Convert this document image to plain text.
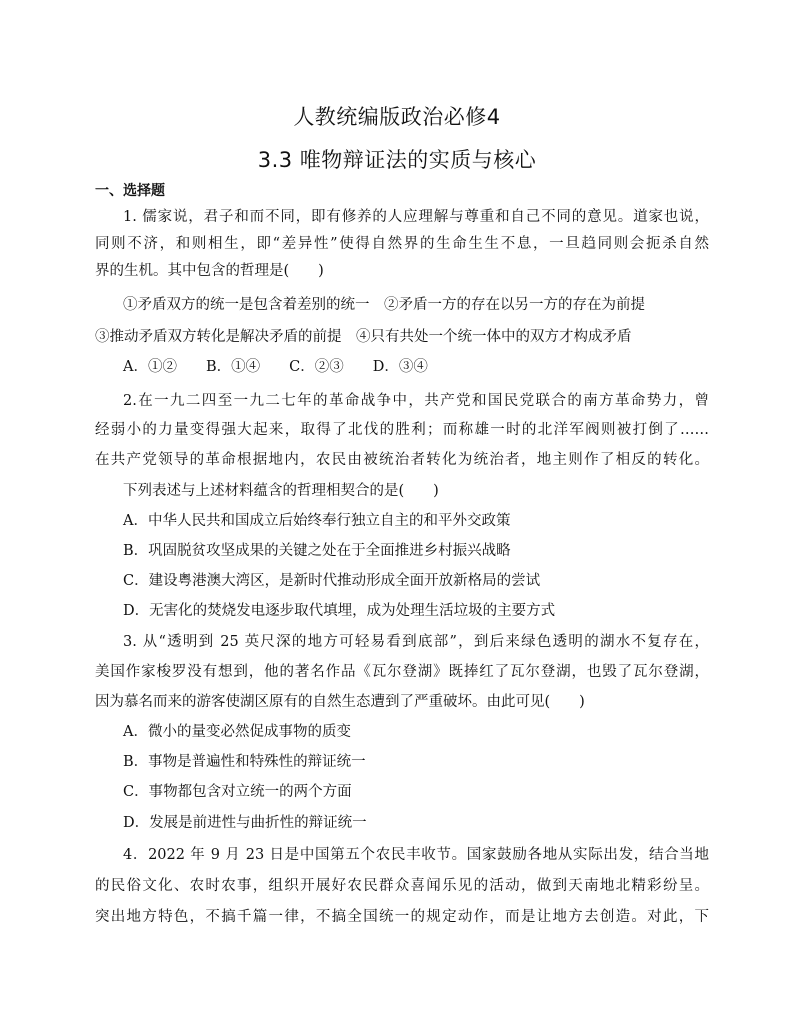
人教统编版政治必修4
3.3 唯物辩证法的实质与核心
一、选择题
1. 儒家说，君子和而不同，即有修养的人应理解与尊重和自己不同的意见。道家也说，
同则不济，和则相生，即“差异性”使得自然界的生命生生不息，一旦趋同则会扼杀自然
界的生机。其中包含的哲理是(　　)
①矛盾双方的统一是包含着差别的统一　②矛盾一方的存在以另一方的存在为前提
③推动矛盾双方转化是解决矛盾的前提　④只有共处一个统一体中的双方才构成矛盾
A．①②　　B．①④　　C．②③　　D．③④
2.在一九二四至一九二七年的革命战争中，共产党和国民党联合的南方革命势力，曾
经弱小的力量变得强大起来，取得了北伐的胜利；而称雄一时的北洋军阀则被打倒了……
在共产党领导的革命根据地内，农民由被统治者转化为统治者，地主则作了相反的转化。
下列表述与上述材料蕴含的哲理相契合的是(　　)
A．中华人民共和国成立后始终奉行独立自主的和平外交政策
B．巩固脱贫攻坚成果的关键之处在于全面推进乡村振兴战略
C．建设粤港澳大湾区，是新时代推动形成全面开放新格局的尝试
D．无害化的焚烧发电逐步取代填埋，成为处理生活垃圾的主要方式
3. 从“透明到 25 英尺深的地方可轻易看到底部”，到后来绿色透明的湖水不复存在，
美国作家梭罗没有想到，他的著名作品《瓦尔登湖》既捧红了瓦尔登湖，也毁了瓦尔登湖，
因为慕名而来的游客使湖区原有的自然生态遭到了严重破坏。由此可见(　　)
A．微小的量变必然促成事物的质变
B．事物是普遍性和特殊性的辩证统一
C．事物都包含对立统一的两个方面
D．发展是前进性与曲折性的辩证统一
4．2022 年 9 月 23 日是中国第五个农民丰收节。国家鼓励各地从实际出发，结合当地
的民俗文化、农时农事，组织开展好农民群众喜闻乐见的活动，做到天南地北精彩纷呈。
突出地方特色，不搞千篇一律，不搞全国统一的规定动作，而是让地方去创造。对此，下
